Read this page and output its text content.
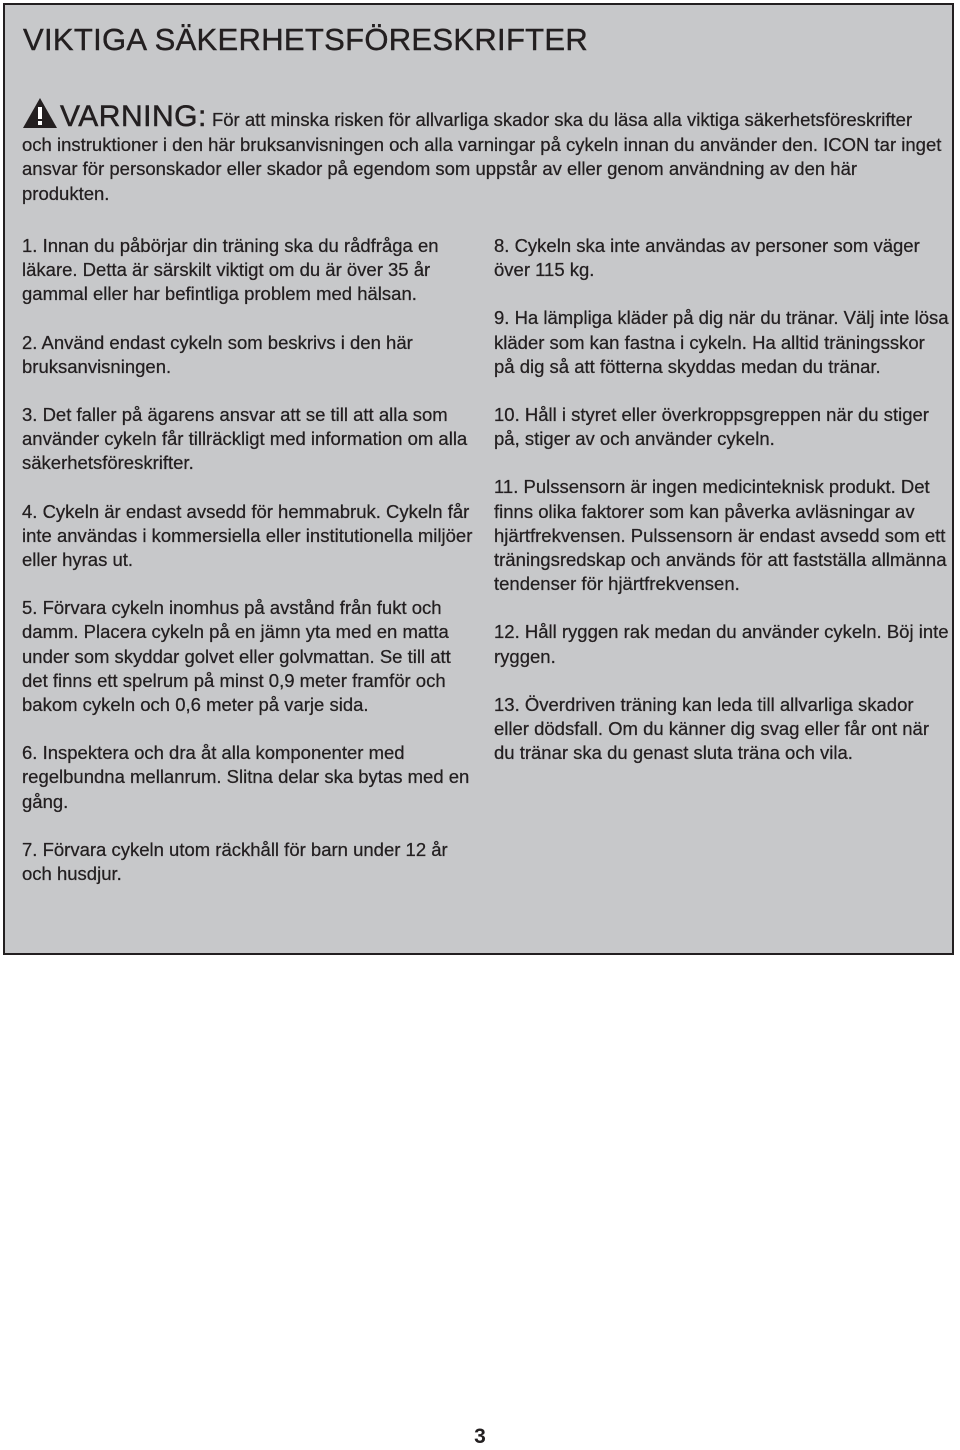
VIKTIGA SÄKERHETSFÖRESKRIFTER
VARNING: För att minska risken för allvarliga skador ska du läsa alla viktiga säkerhetsföreskrifter och instruktioner i den här bruksanvisningen och alla varningar på cykeln innan du använder den. ICON tar inget ansvar för personskador eller skador på egendom som uppstår av eller genom användning av den här produkten.

1. Innan du påbörjar din träning ska du rådfråga en läkare. Detta är särskilt viktigt om du är över 35 år gammal eller har befintliga problem med hälsan.

2. Använd endast cykeln som beskrivs i den här bruksanvisningen.

3. Det faller på ägarens ansvar att se till att alla som använder cykeln får tillräckligt med information om alla säkerhetsföreskrifter.

4. Cykeln är endast avsedd för hemmabruk. Cykeln får inte användas i kommersiella eller institutionella miljöer eller hyras ut.

5. Förvara cykeln inomhus på avstånd från fukt och damm. Placera cykeln på en jämn yta med en matta under som skyddar golvet eller golvmattan. Se till att det finns ett spelrum på minst 0,9 meter framför och bakom cykeln och 0,6 meter på varje sida.

6. Inspektera och dra åt alla komponenter med regelbundna mellanrum. Slitna delar ska bytas med en gång.

7. Förvara cykeln utom räckhåll för barn under 12 år och husdjur.

8. Cykeln ska inte användas av personer som väger över 115 kg.

9. Ha lämpliga kläder på dig när du tränar. Välj inte lösa kläder som kan fastna i cykeln. Ha alltid träningsskor på dig så att fötterna skyddas medan du tränar.

10. Håll i styret eller överkroppsgreppen när du stiger på, stiger av och använder cykeln.

11. Pulssensorn är ingen medicinteknisk produkt. Det finns olika faktorer som kan påverka avläsningar av hjärtfrekvensen. Pulssensorn är endast avsedd som ett träningsredskap och används för att fastställa allmänna tendenser för hjärtfrekvensen.

12. Håll ryggen rak medan du använder cykeln. Böj inte ryggen.

13. Överdriven träning kan leda till allvarliga skador eller dödsfall. Om du känner dig svag eller får ont när du tränar ska du genast sluta träna och vila.

3
